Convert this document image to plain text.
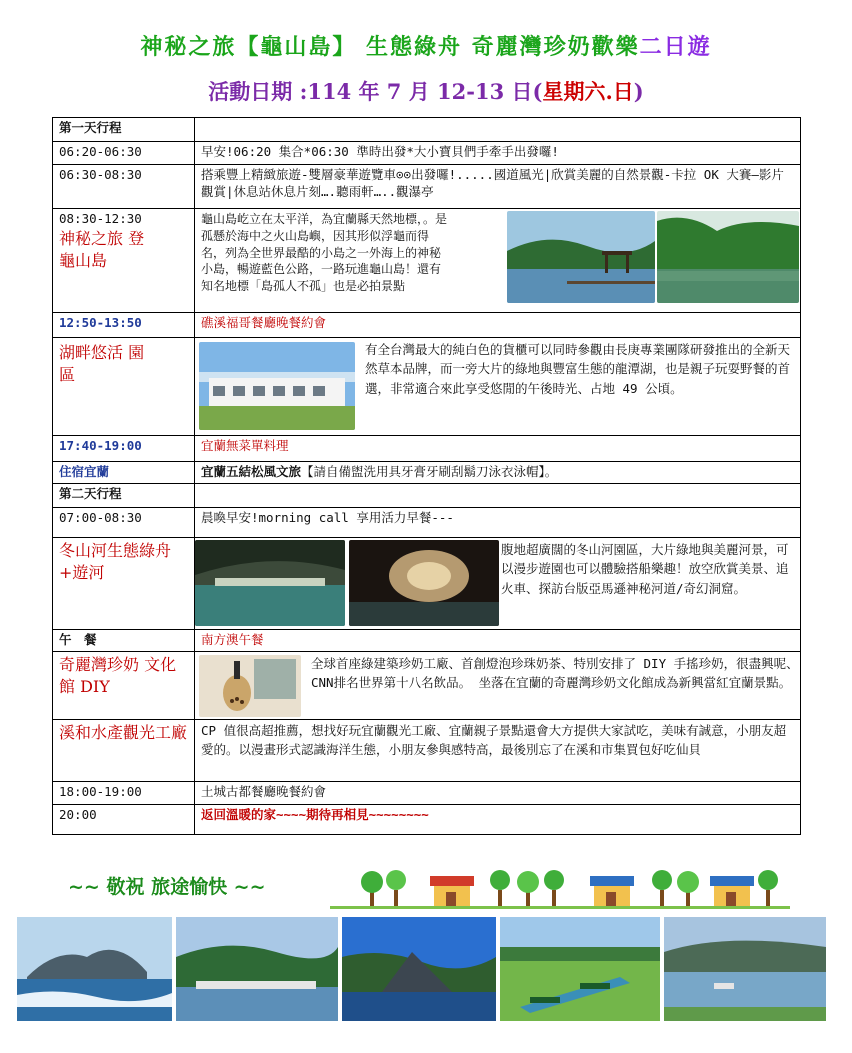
神秘之旅【龜山島】 生態綠舟 奇麗灣珍奶歡樂二日遊
活動日期 :114 年 7 月 12-13 日(星期六.日)
第一天行程	
06:20-06:30	早安!06:20 集合*06:30 準時出發*大小寶貝們手牽手出發囉!
06:30-08:30	搭乘豐上精緻旅遊-雙層豪華遊覽車⊙⊙出發囉!.....國道風光|欣賞美麗的自然景觀-卡拉 OK 大賽—影片觀賞|休息站休息片刻….聽雨軒…..觀瀑亭

08:30-12:30
神秘之旅 登龜山島	龜山島屹立在太平洋，為宜蘭縣天然地標，。是孤懸於海中之火山島嶼，因其形似浮龜而得名，列為全世界最酷的小島之一外海上的神秘小島，暢遊藍色公路，一路玩進龜山島！還有知名地標「島孤人不孤」也是必拍景點

12:50-13:50	礁溪福哥餐廳晚餐約會

湖畔悠活 園區	有全台灣最大的純白色的貨櫃可以同時參觀由長庚專業團隊研發推出的全新天然草本品牌，而一旁大片的綠地與豐富生態的龍潭湖，也是親子玩耍野餐的首選，非常適合來此享受悠閒的午後時光、占地 49 公頃。

17:40-19:00	宜蘭無菜單料理
住宿宜蘭	宜蘭五結松風文旅【請自備盥洗用具牙膏牙刷刮鬍刀泳衣泳帽】。
第二天行程	
07:00-08:30	晨喚早安!morning call 享用活力早餐---

冬山河生態綠舟+遊河	腹地超廣闊的冬山河園區，大片綠地與美麗河景，可以漫步遊園也可以體驗搭船樂趣！放空欣賞美景、追火車、探訪台版亞馬遜神秘河道/奇幻洞窟。

午　餐	南方澳午餐

奇麗灣珍奶 文化館 DIY	全球首座綠建築珍奶工廠、首創燈泡珍珠奶茶、特別安排了 DIY 手搖珍奶，很盡興呢、CNN排名世界第十八名飲品。 坐落在宜蘭的奇麗灣珍奶文化館成為新興當紅宜蘭景點。

溪和水產觀光工廠	CP 值很高超推薦，想找好玩宜蘭觀光工廠、宜蘭親子景點還會大方提供大家試吃，美味有誠意，小朋友超愛的。以漫畫形式認識海洋生態，小朋友參與感特高，最後別忘了在溪和市集買包好吃仙貝
18:00-19:00	土城古都餐廳晚餐約會
20:00	返回溫暖的家~~~~期待再相見~~~~~~~~
~~ 敬祝 旅途愉快 ~~
